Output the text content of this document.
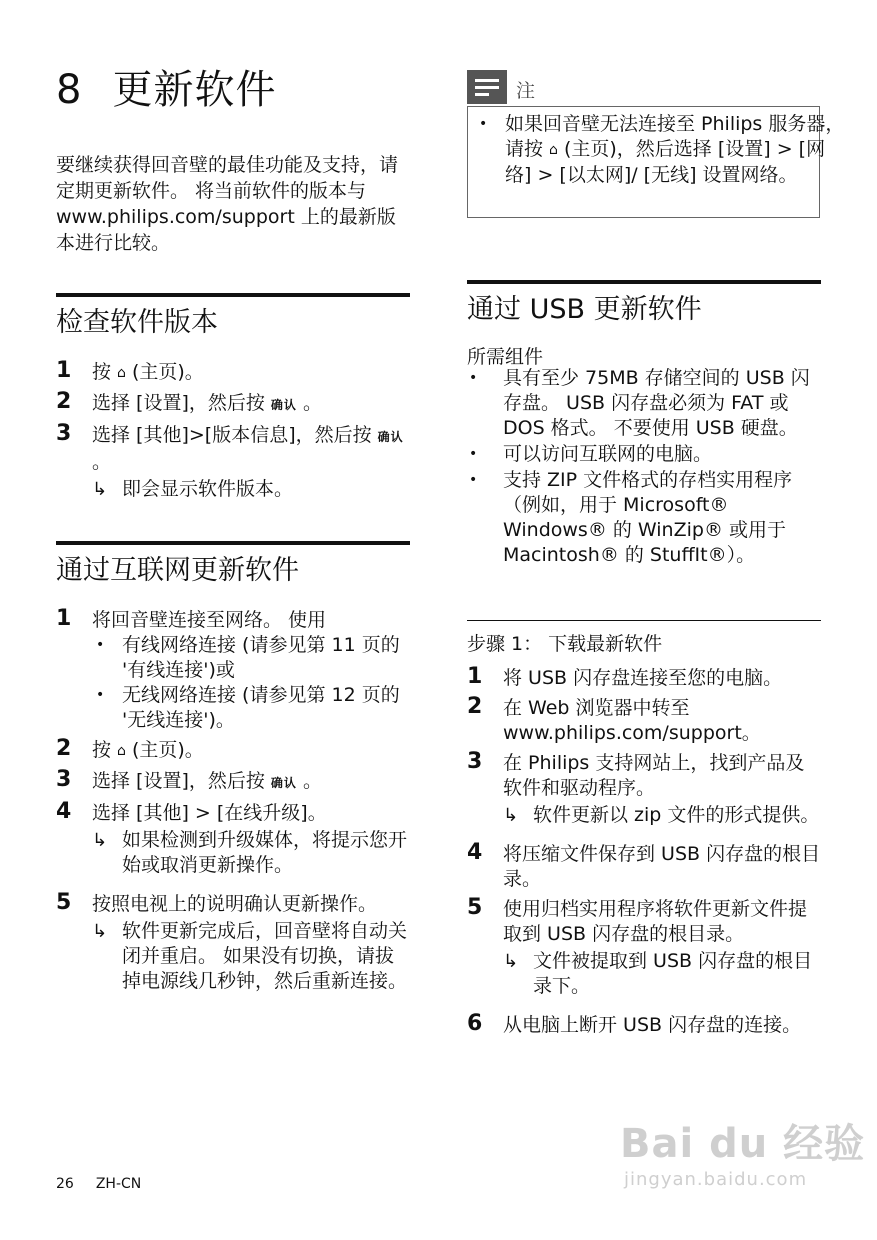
8 更新软件
要继续获得回音壁的最佳功能及支持，请定期更新软件。 将当前软件的版本与 www.philips.com/support 上的最新版本进行比较。
检查软件版本
1 按 ⌂ (主页)。
2 选择 [设置]，然后按 确认 。
3 选择 [其他]>[版本信息]，然后按 确认 。
↳ 即会显示软件版本。
通过互联网更新软件
1 将回音壁连接至网络。 使用
• 有线网络连接 (请参见第 11 页的 '有线连接')或
• 无线网络连接 (请参见第 12 页的 '无线连接')。
2 按 ⌂ (主页)。
3 选择 [设置]，然后按 确认 。
4 选择 [其他] > [在线升级]。
↳ 如果检测到升级媒体，将提示您开始或取消更新操作。
5 按照电视上的说明确认更新操作。
↳ 软件更新完成后，回音壁将自动关闭并重启。 如果没有切换，请拔掉电源线几秒钟，然后重新连接。
注
• 如果回音壁无法连接至 Philips 服务器，请按 ⌂ (主页)，然后选择 [设置] > [网络] > [以太网]/ [无线] 设置网络。
通过 USB 更新软件
所需组件
• 具有至少 75MB 存储空间的 USB 闪存盘。 USB 闪存盘必须为 FAT 或 DOS 格式。 不要使用 USB 硬盘。
• 可以访问互联网的电脑。
• 支持 ZIP 文件格式的存档实用程序（例如，用于 Microsoft® Windows® 的 WinZip® 或用于 Macintosh® 的 StuffIt®）。
步骤 1： 下载最新软件
1 将 USB 闪存盘连接至您的电脑。
2 在 Web 浏览器中转至 www.philips.com/support。
3 在 Philips 支持网站上，找到产品及软件和驱动程序。
↳ 软件更新以 zip 文件的形式提供。
4 将压缩文件保存到 USB 闪存盘的根目录。
5 使用归档实用程序将软件更新文件提取到 USB 闪存盘的根目录。
↳ 文件被提取到 USB 闪存盘的根目录下。
6 从电脑上断开 USB 闪存盘的连接。
26 ZH-CN
Bai du 经验
jingyan.baidu.com
